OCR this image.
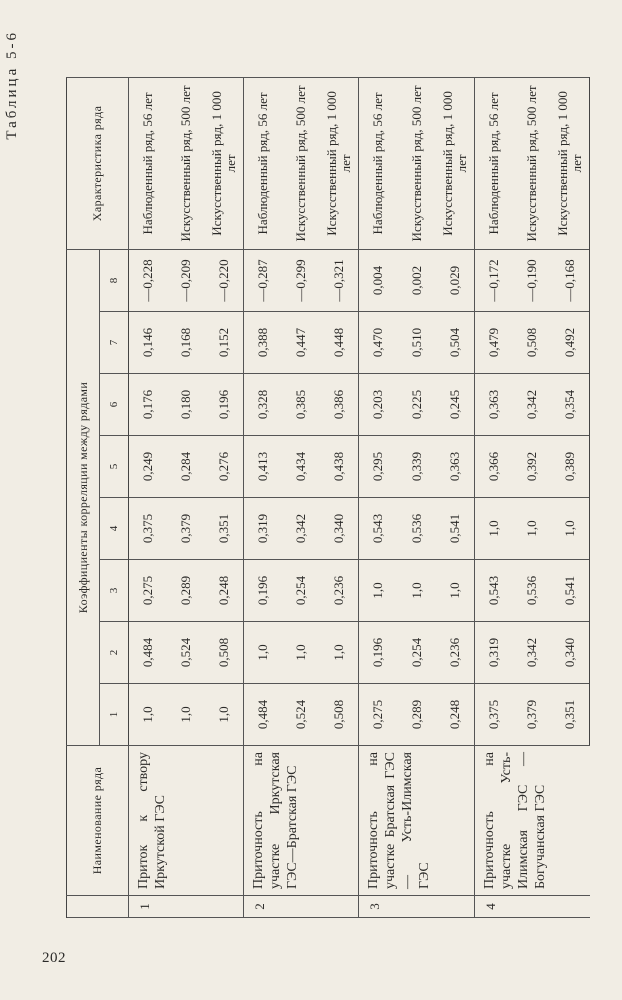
Таблица 5-6
	Наименование ряда	Коэффициенты корреляции между рядами								Характеристика ряда
		1	2	3	4	5	6	7	8	
1	Приток к створу Иркутской ГЭС	1,0	0,484	0,275	0,375	0,249	0,176	0,146	—0,228	Наблюденный ряд, 56 лет
		1,0	0,524	0,289	0,379	0,284	0,180	0,168	—0,209	Искусственный ряд, 500 лет
		1,0	0,508	0,248	0,351	0,276	0,196	0,152	—0,220	Искусственный ряд, 1 000 лет
2	Приточность на участке Иркутская ГЭС—Братская ГЭС	0,484	1,0	0,196	0,319	0,413	0,328	0,388	—0,287	Наблюденный ряд, 56 лет
		0,524	1,0	0,254	0,342	0,434	0,385	0,447	—0,299	Искусственный ряд, 500 лет
		0,508	1,0	0,236	0,340	0,438	0,386	0,448	—0,321	Искусственный ряд, 1 000 лет
3	Приточность на участке Братская ГЭС — Усть-Илимская ГЭС	0,275	0,196	1,0	0,543	0,295	0,203	0,470	0,004	Наблюденный ряд, 56 лет
		0,289	0,254	1,0	0,536	0,339	0,225	0,510	0,002	Искусственный ряд, 500 лет
		0,248	0,236	1,0	0,541	0,363	0,245	0,504	0,029	Искусственный ряд, 1 000 лет
4	Приточность на участке Усть-Илимская ГЭС — Богучанская ГЭС	0,375	0,319	0,543	1,0	0,366	0,363	0,479	—0,172	Наблюденный ряд, 56 лет
		0,379	0,342	0,536	1,0	0,392	0,342	0,508	—0,190	Искусственный ряд, 500 лет
		0,351	0,340	0,541	1,0	0,389	0,354	0,492	—0,168	Искусственный ряд, 1 000 лет
202
